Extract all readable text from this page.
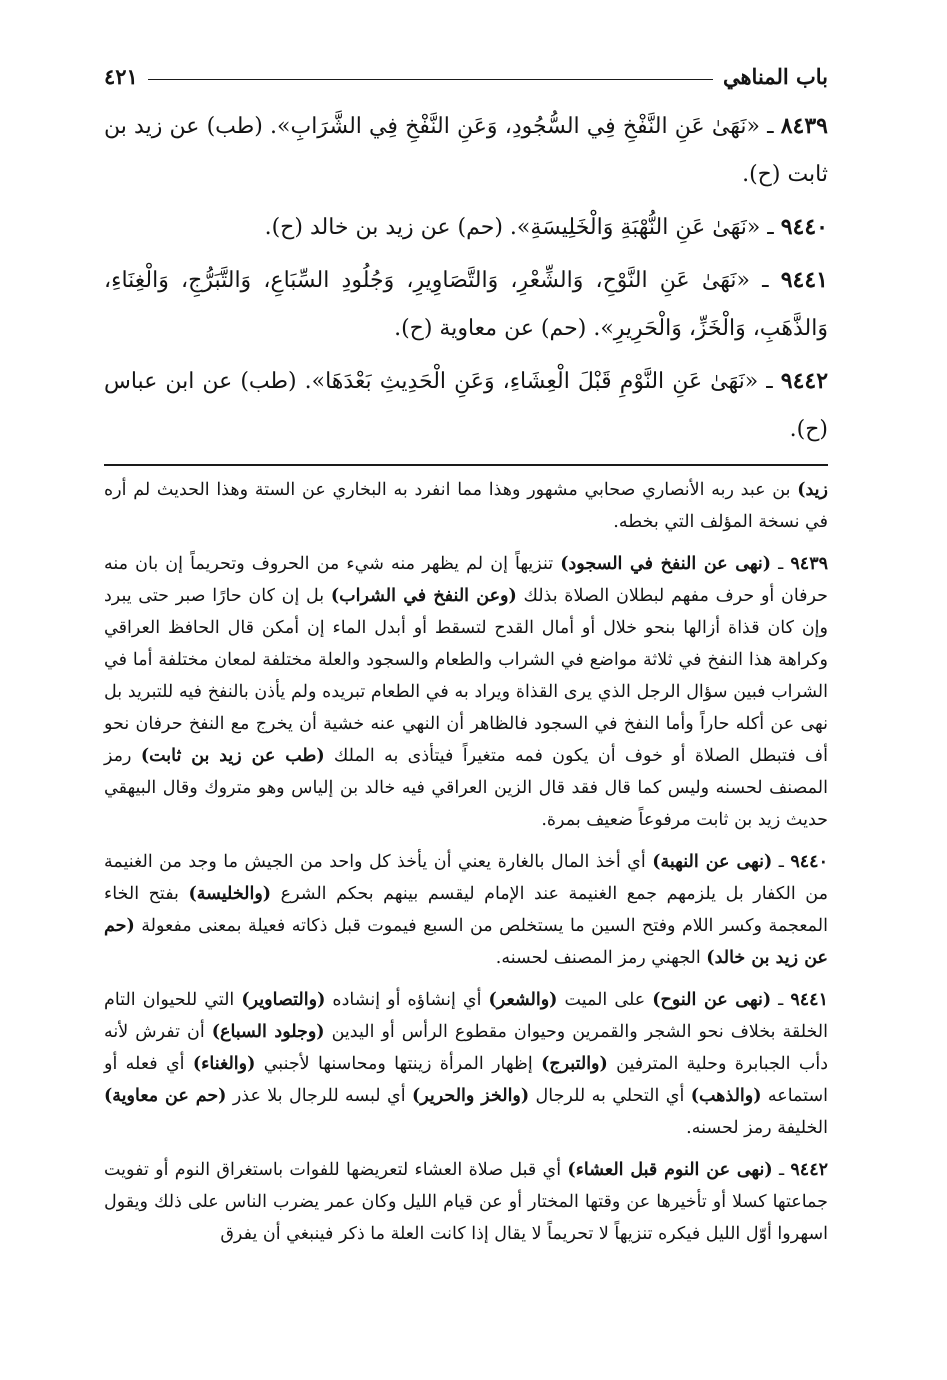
باب المناهي
٤٢١

٨٤٣٩ ـ «نَهَىٰ عَنِ النَّفْخِ فِي السُّجُودِ، وَعَنِ النَّفْخِ فِي الشَّرَابِ». (طب) عن زيد بن ثابت (ح).

٩٤٤٠ ـ «نَهَىٰ عَنِ النُّهْبَةِ وَالْخَلِيسَةِ». (حم) عن زيد بن خالد (ح).

٩٤٤١ ـ «نَهَىٰ عَنِ النَّوْحِ، وَالشِّعْرِ، وَالتَّصَاوِيرِ، وَجُلُودِ السِّبَاعِ، وَالتَّبَرُّجِ، وَالْغِنَاءِ، وَالذَّهَبِ، وَالْخَزِّ، وَالْحَرِيرِ». (حم) عن معاوية (ح).

٩٤٤٢ ـ «نَهَىٰ عَنِ النَّوْمِ قَبْلَ الْعِشَاءِ، وَعَنِ الْحَدِيثِ بَعْدَهَا». (طب) عن ابن عباس (ح).

زيد) بن عبد ربه الأنصاري صحابي مشهور وهذا مما انفرد به البخاري عن الستة وهذا الحديث لم أره في نسخة المؤلف التي بخطه.

٩٤٣٩ ـ (نهى عن النفخ في السجود) تنزيهاً إن لم يظهر منه شيء من الحروف وتحريماً إن بان منه حرفان أو حرف مفهم لبطلان الصلاة بذلك (وعن النفخ في الشراب) بل إن كان حارًا صبر حتى يبرد وإن كان قذاة أزالها بنحو خلال أو أمال القدح لتسقط أو أبدل الماء إن أمكن قال الحافظ العراقي وكراهة هذا النفخ في ثلاثة مواضع في الشراب والطعام والسجود والعلة مختلفة لمعان مختلفة أما في الشراب فبين سؤال الرجل الذي يرى القذاة ويراد به في الطعام تبريده ولم يأذن بالنفخ فيه للتبريد بل نهى عن أكله حاراً وأما النفخ في السجود فالظاهر أن النهي عنه خشية أن يخرج مع النفخ حرفان نحو أف فتبطل الصلاة أو خوف أن يكون فمه متغيراً فيتأذى به الملك (طب عن زيد بن ثابت) رمز المصنف لحسنه وليس كما قال فقد قال الزين العراقي فيه خالد بن إلياس وهو متروك وقال البيهقي حديث زيد بن ثابت مرفوعاً ضعيف بمرة.

٩٤٤٠ ـ (نهى عن النهبة) أي أخذ المال بالغارة يعني أن يأخذ كل واحد من الجيش ما وجد من الغنيمة من الكفار بل يلزمهم جمع الغنيمة عند الإمام ليقسم بينهم بحكم الشرع (والخليسة) بفتح الخاء المعجمة وكسر اللام وفتح السين ما يستخلص من السبع فيموت قبل ذكاته فعيلة بمعنى مفعولة (حم عن زيد بن خالد) الجهني رمز المصنف لحسنه.

٩٤٤١ ـ (نهى عن النوح) على الميت (والشعر) أي إنشاؤه أو إنشاده (والتصاوير) التي للحيوان التام الخلقة بخلاف نحو الشجر والقمرين وحيوان مقطوع الرأس أو اليدين (وجلود السباع) أن تفرش لأنه دأب الجبابرة وحلية المترفين (والتبرج) إظهار المرأة زينتها ومحاسنها لأجنبي (والغناء) أي فعله أو استماعه (والذهب) أي التحلي به للرجال (والخز والحرير) أي لبسه للرجال بلا عذر (حم عن معاوية) الخليفة رمز لحسنه.

٩٤٤٢ ـ (نهى عن النوم قبل العشاء) أي قبل صلاة العشاء لتعريضها للفوات باستغراق النوم أو تفويت جماعتها كسلا أو تأخيرها عن وقتها المختار أو عن قيام الليل وكان عمر يضرب الناس على ذلك ويقول اسهروا أوّل الليل فيكره تنزيهاً لا تحريماً لا يقال إذا كانت العلة ما ذكر فينبغي أن يفرق
